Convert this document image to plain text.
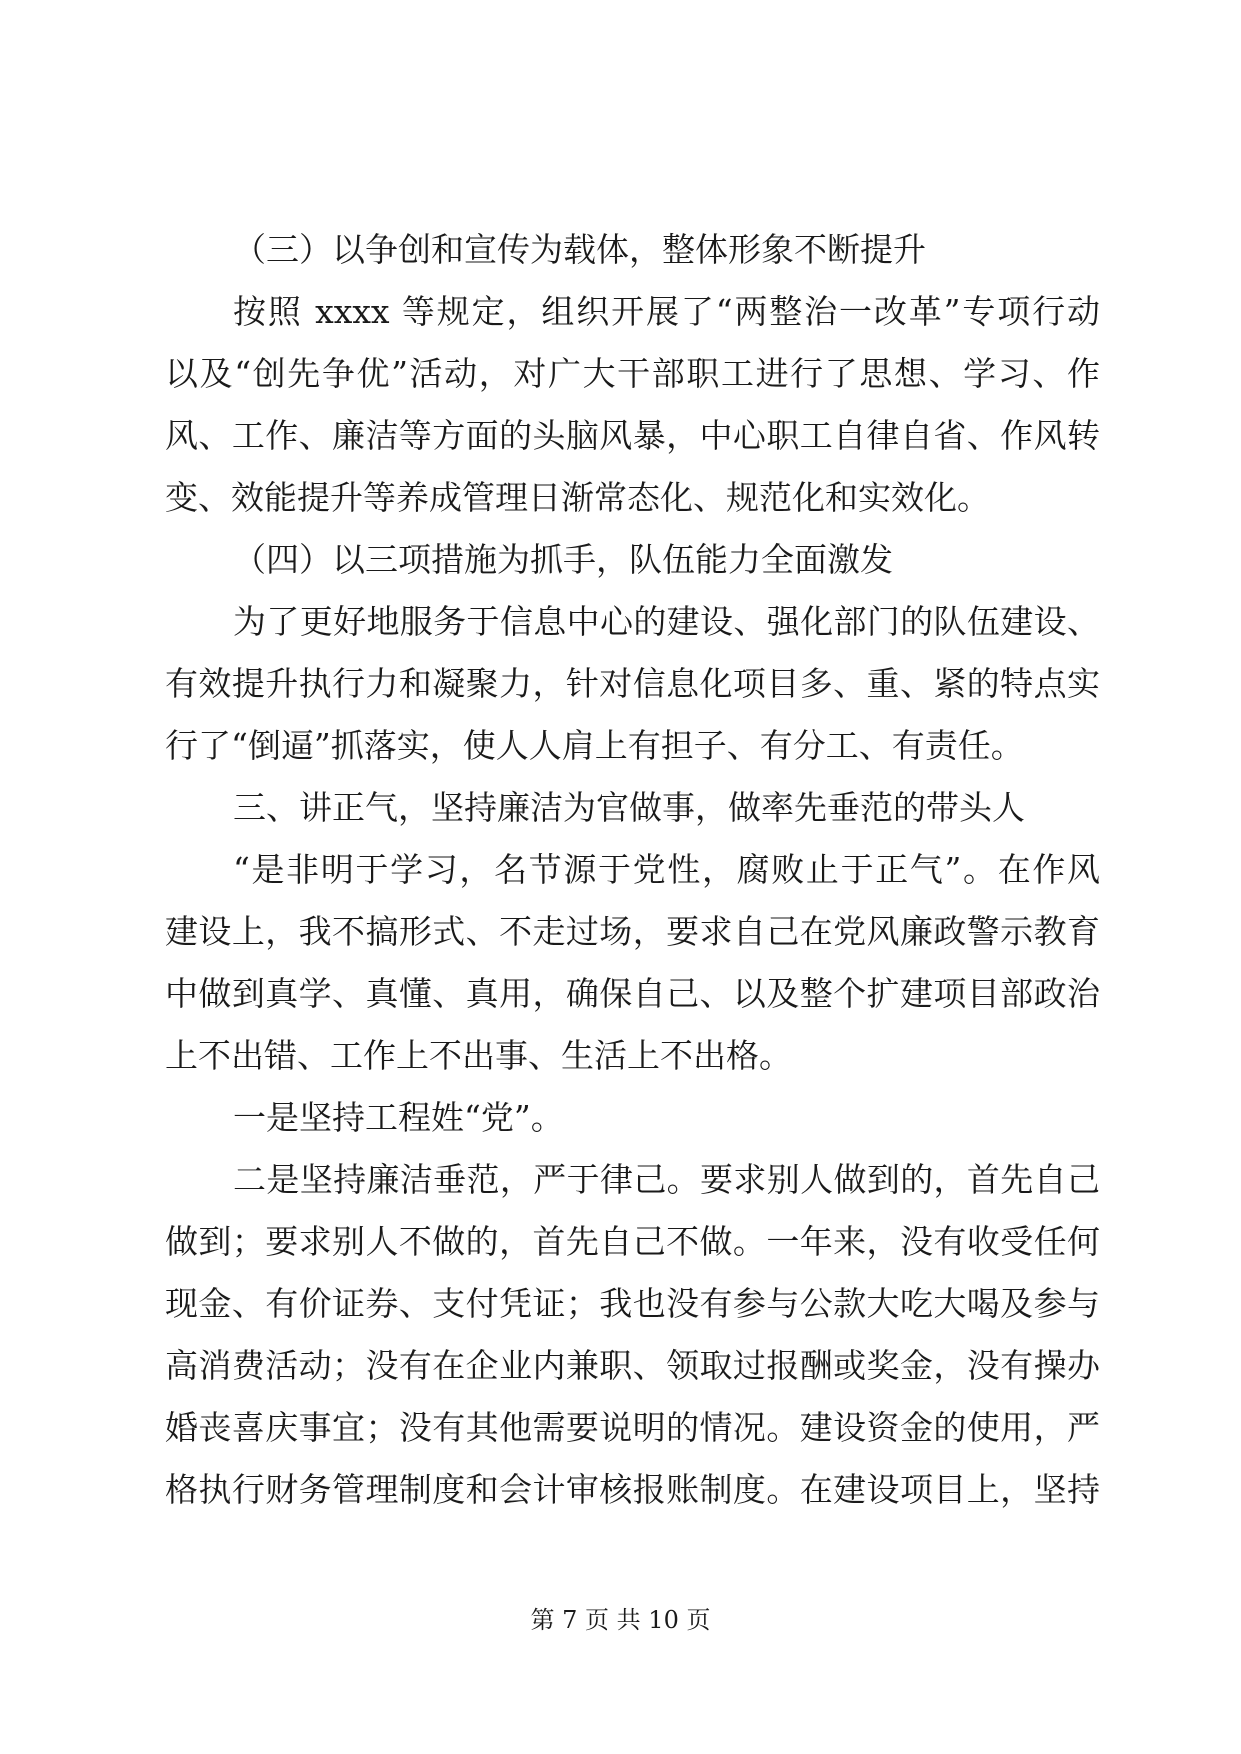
（三）以争创和宣传为载体，整体形象不断提升
按照 xxxx 等规定，组织开展了“两整治一改革”专项行动
以及“创先争优”活动，对广大干部职工进行了思想、学习、作
风、工作、廉洁等方面的头脑风暴，中心职工自律自省、作风转
变、效能提升等养成管理日渐常态化、规范化和实效化。
（四）以三项措施为抓手，队伍能力全面激发
为了更好地服务于信息中心的建设、强化部门的队伍建设、
有效提升执行力和凝聚力，针对信息化项目多、重、紧的特点实
行了“倒逼”抓落实，使人人肩上有担子、有分工、有责任。
三、讲正气，坚持廉洁为官做事，做率先垂范的带头人
“是非明于学习，名节源于党性，腐败止于正气”。在作风
建设上，我不搞形式、不走过场，要求自己在党风廉政警示教育
中做到真学、真懂、真用，确保自己、以及整个扩建项目部政治
上不出错、工作上不出事、生活上不出格。
一是坚持工程姓“党”。
二是坚持廉洁垂范，严于律己。要求别人做到的，首先自己
做到；要求别人不做的，首先自己不做。一年来，没有收受任何
现金、有价证券、支付凭证；我也没有参与公款大吃大喝及参与
高消费活动；没有在企业内兼职、领取过报酬或奖金，没有操办
婚丧喜庆事宜；没有其他需要说明的情况。建设资金的使用，严
格执行财务管理制度和会计审核报账制度。在建设项目上，坚持
第 7 页 共 10 页
